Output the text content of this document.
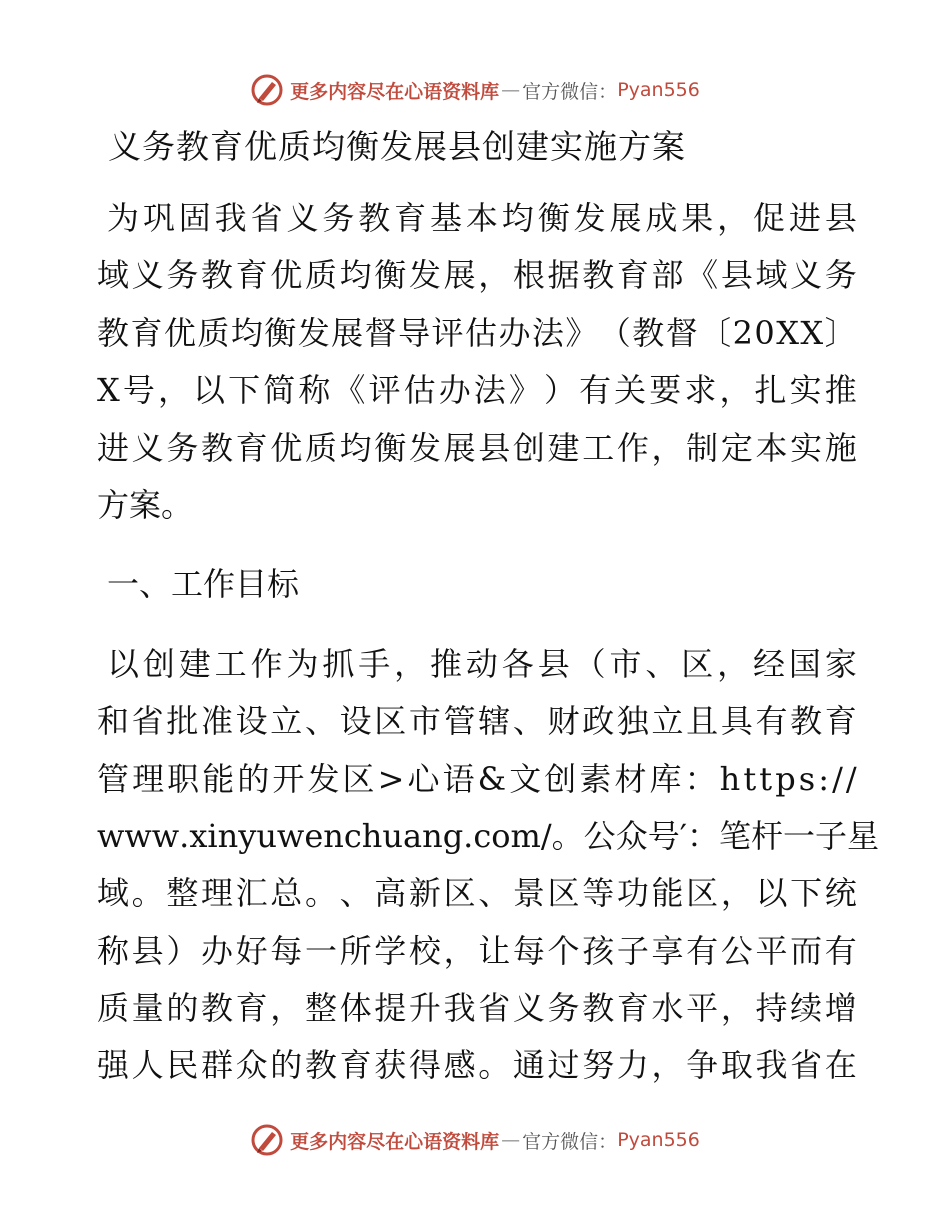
更多内容尽在心语资料库 — 官方微信： Pyan556
义务教育优质均衡发展县创建实施方案
为 巩 固 我 省 义 务 教 育 基 本 均 衡 发 展 成 果 ， 促 进 县
域 义 务 教 育 优 质 均 衡 发 展 ， 根 据 教 育 部 《 县 域 义 务
教 育 优 质 均 衡 发 展 督 导 评 估 办 法 》 （ 教 督 〔 2 0 X X 〕
X 号 ， 以 下 简 称 《 评 估 办 法 》 ） 有 关 要 求 ， 扎 实 推
进 义 务 教 育 优 质 均 衡 发 展 县 创 建 工 作 ， 制 定 本 实 施
方案。
一、工作目标
以 创 建 工 作 为 抓 手 ， 推 动 各 县 （ 市 、 区 ， 经 国 家
和 省 批 准 设 立 、 设 区 市 管 辖 、 财 政 独 立 且 具 有 教 育
管 理 职 能 的 开 发 区 > 心 语 & 文 创 素 材 库 ： h t t p s : / /
w w w . x i n y u w e n c h u a n g . c o m / 。 公 众 号 ′ ： 笔 杆 一 子 星
域 。 整 理 汇 总 。 、 高 新 区 、 景 区 等 功 能 区 ， 以 下 统
称 县 ） 办 好 每 一 所 学 校 ， 让 每 个 孩 子 享 有 公 平 而 有
质 量 的 教 育 ， 整 体 提 升 我 省 义 务 教 育 水 平 ， 持 续 增
强 人 民 群 众 的 教 育 获 得 感 。 通 过 努 力 ， 争 取 我 省 在
更多内容尽在心语资料库 — 官方微信： Pyan556
